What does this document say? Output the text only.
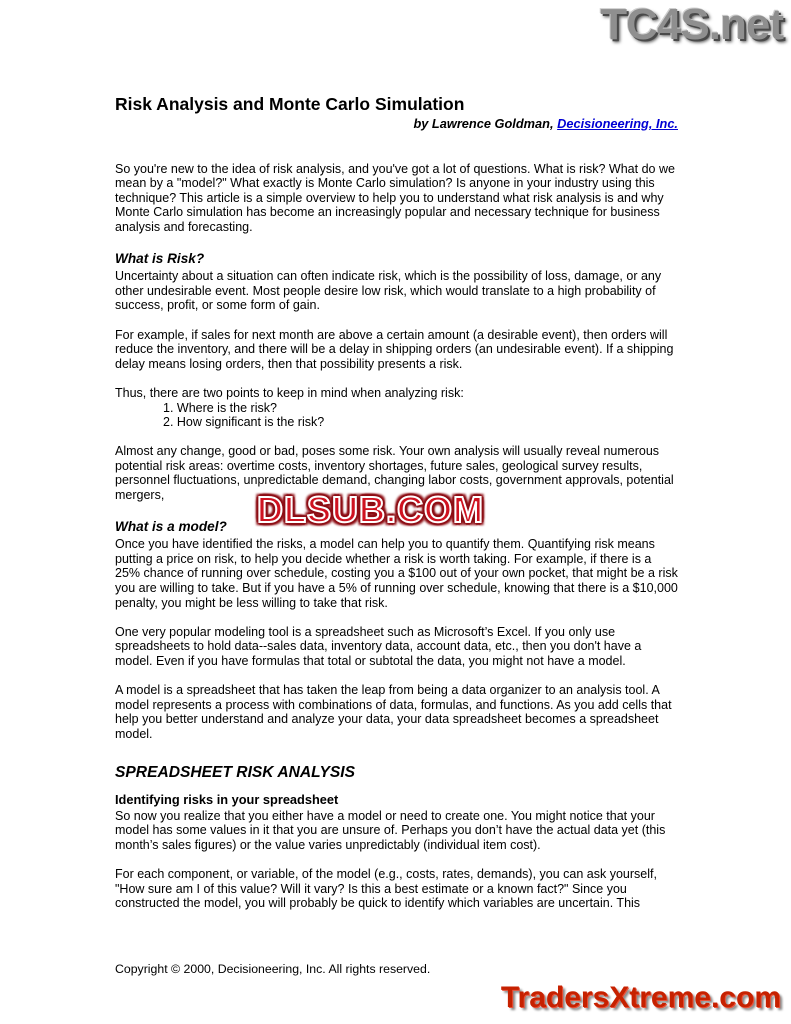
TC4S.net
Risk Analysis and Monte Carlo Simulation
by Lawrence Goldman, Decisioneering, Inc.

So you're new to the idea of risk analysis, and you've got a lot of questions. What is risk? What do we mean by a "model?" What exactly is Monte Carlo simulation? Is anyone in your industry using this technique? This article is a simple overview to help you to understand what risk analysis is and why Monte Carlo simulation has become an increasingly popular and necessary technique for business analysis and forecasting.

What is Risk?

Uncertainty about a situation can often indicate risk, which is the possibility of loss, damage, or any other undesirable event. Most people desire low risk, which would translate to a high probability of success, profit, or some form of gain.

For example, if sales for next month are above a certain amount (a desirable event), then orders will reduce the inventory, and there will be a delay in shipping orders (an undesirable event). If a shipping delay means losing orders, then that possibility presents a risk.

Thus, there are two points to keep in mind when analyzing risk:

1. Where is the risk?
2. How significant is the risk?

Almost any change, good or bad, poses some risk. Your own analysis will usually reveal numerous potential risk areas: overtime costs, inventory shortages, future sales, geological survey results, personnel fluctuations, unpredictable demand, changing labor costs, government approvals, potential mergers,

What is a model?

Once you have identified the risks, a model can help you to quantify them. Quantifying risk means putting a price on risk, to help you decide whether a risk is worth taking. For example, if there is a 25% chance of running over schedule, costing you a $100 out of your own pocket, that might be a risk you are willing to take. But if you have a 5% of running over schedule, knowing that there is a $10,000 penalty, you might be less willing to take that risk.

One very popular modeling tool is a spreadsheet such as Microsoft’s Excel. If you only use spreadsheets to hold data--sales data, inventory data, account data, etc., then you don't have a model. Even if you have formulas that total or subtotal the data, you might not have a model.

A model is a spreadsheet that has taken the leap from being a data organizer to an analysis tool. A model represents a process with combinations of data, formulas, and functions. As you add cells that help you better understand and analyze your data, your data spreadsheet becomes a spreadsheet model.

SPREADSHEET RISK ANALYSIS
Identifying risks in your spreadsheet

So now you realize that you either have a model or need to create one. You might notice that your model has some values in it that you are unsure of. Perhaps you don’t have the actual data yet (this month’s sales figures) or the value varies unpredictably (individual item cost).

For each component, or variable, of the model (e.g., costs, rates, demands), you can ask yourself, "How sure am I of this value? Will it vary? Is this a best estimate or a known fact?" Since you constructed the model, you will probably be quick to identify which variables are uncertain. This

DLSUB.COM
Copyright © 2000, Decisioneering, Inc. All rights reserved.
TradersXtreme.com
